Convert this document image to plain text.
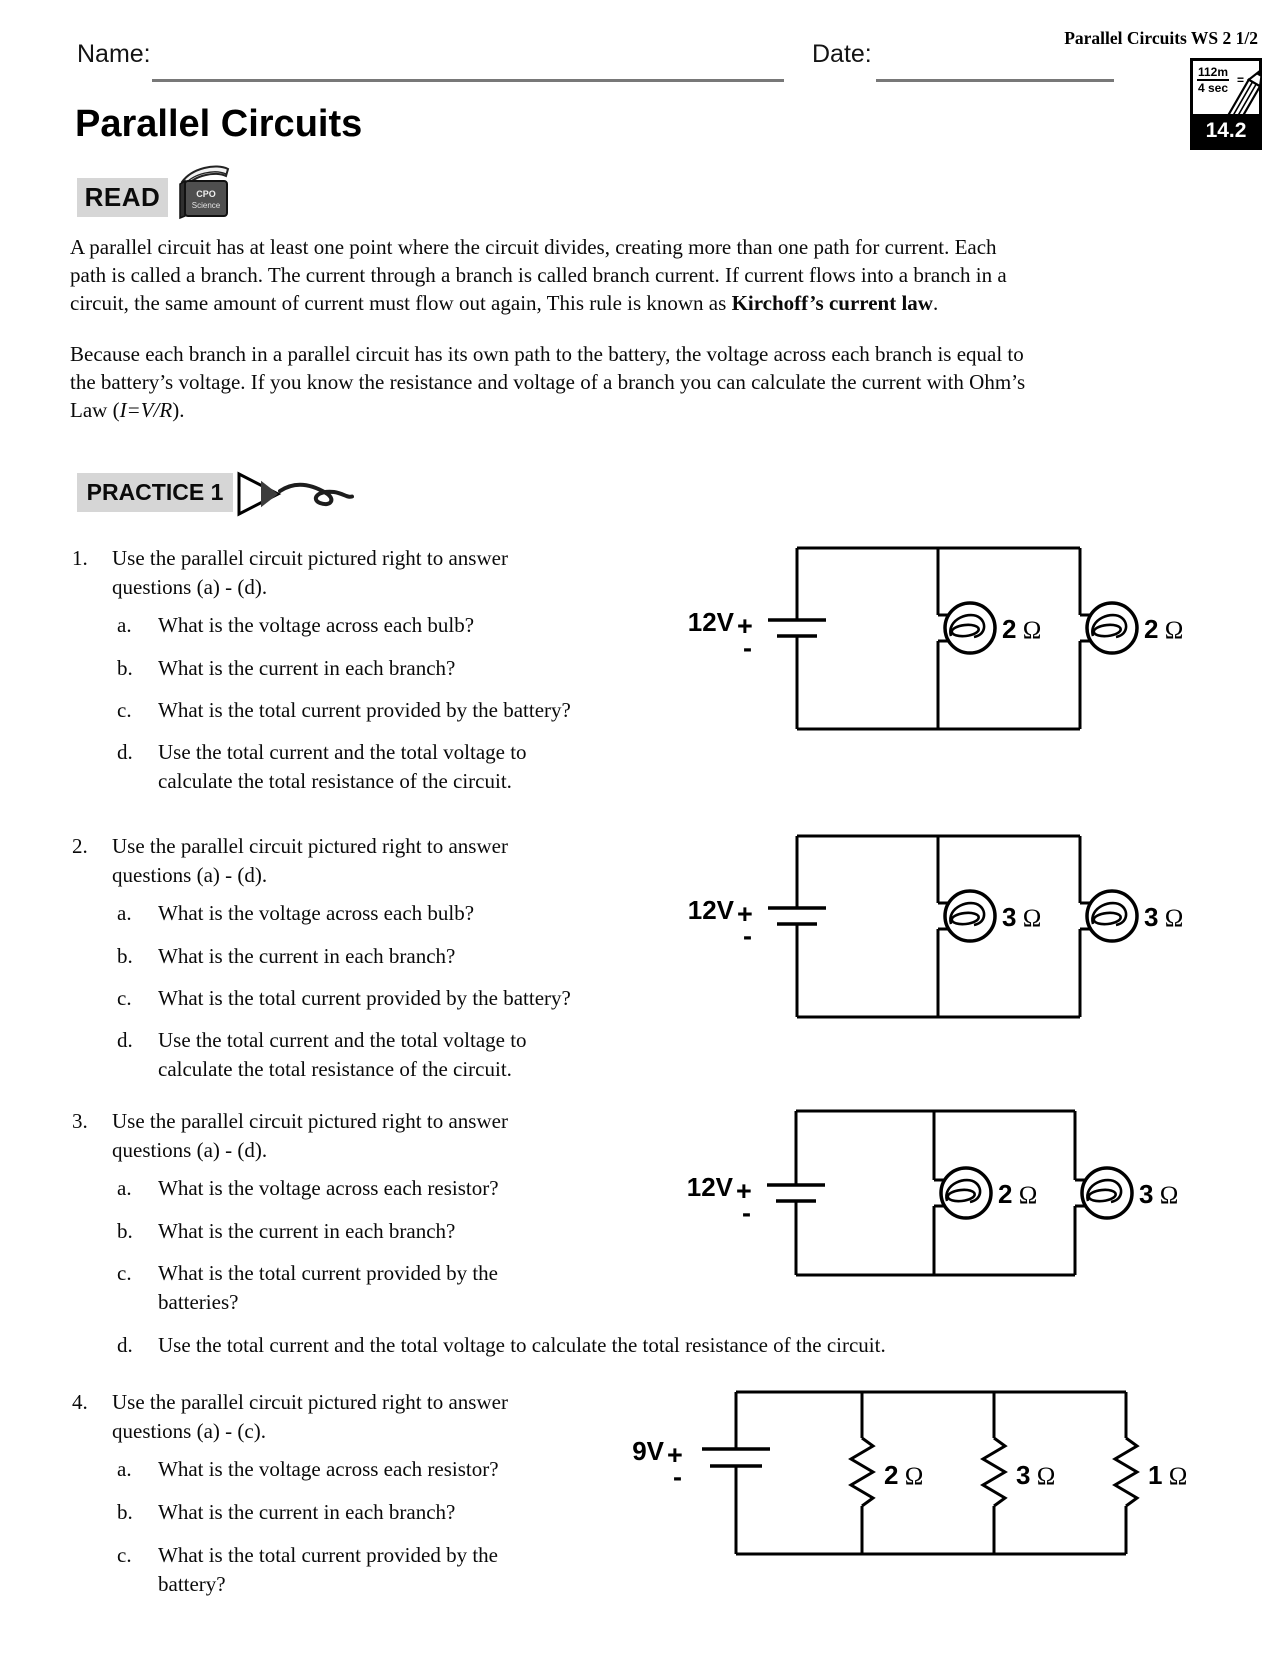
Name:	Date:
Parallel Circuits WS 2 1/2
112m
4 sec
=
14.2
Parallel Circuits
READ	CPO
Science
A parallel circuit has at least one point where the circuit divides, creating more than one path for current. Each
path is called a branch. The current through a branch is called branch current. If current flows into a branch in a
circuit, the same amount of current must flow out again, This rule is known as Kirchoff’s current law.
Because each branch in a parallel circuit has its own path to the battery, the voltage across each branch is equal to
the battery’s voltage. If you know the resistance and voltage of a branch you can calculate the current with Ohm’s
Law (I=V/R).
PRACTICE 1
1. Use the parallel circuit pictured right to answer
questions (a) - (d).
a. What is the voltage across each bulb?
b. What is the current in each branch?
c. What is the total current provided by the battery?
d. Use the total current and the total voltage to
calculate the total resistance of the circuit.
2. Use the parallel circuit pictured right to answer
questions (a) - (d).
a. What is the voltage across each bulb?
b. What is the current in each branch?
c. What is the total current provided by the battery?
d. Use the total current and the total voltage to
calculate the total resistance of the circuit.
3. Use the parallel circuit pictured right to answer
questions (a) - (d).
a. What is the voltage across each resistor?
b. What is the current in each branch?
c. What is the total current provided by the
batteries?
d. Use the total current and the total voltage to calculate the total resistance of the circuit.
4. Use the parallel circuit pictured right to answer
questions (a) - (c).
a. What is the voltage across each resistor?
b. What is the current in each branch?
c. What is the total current provided by the
battery?
12V +
-
2 Ω	2 Ω
12V +
-
3 Ω	3 Ω
12V +
-
2 Ω	3 Ω
9V +
-	2 Ω	3 Ω	1 Ω
